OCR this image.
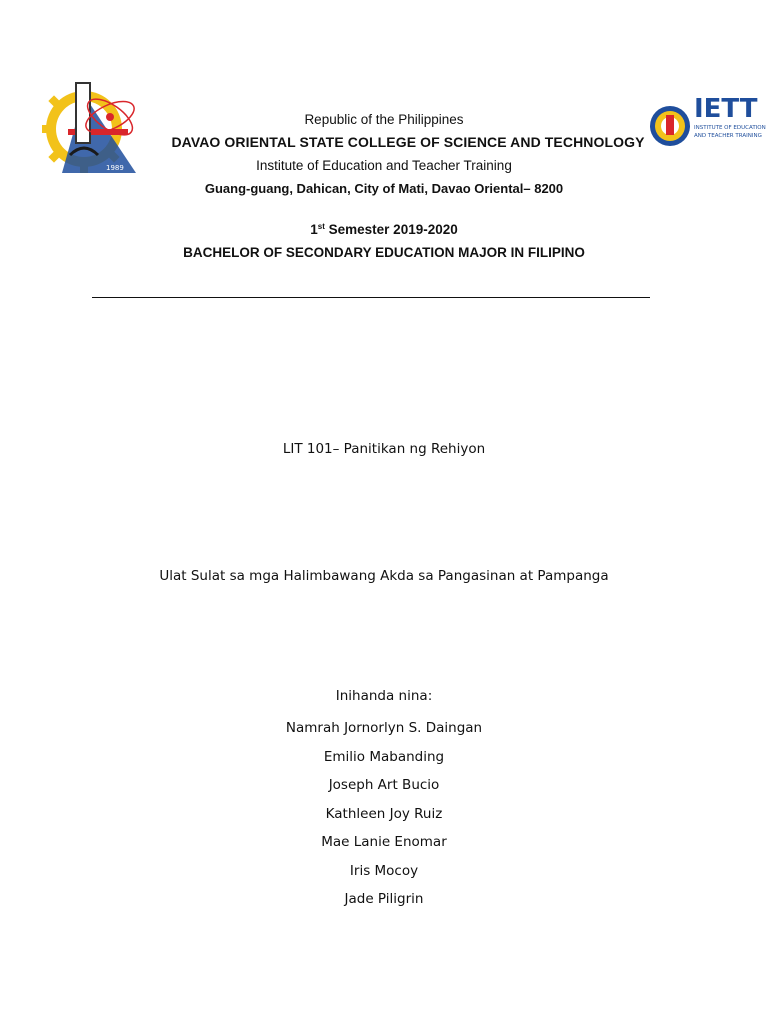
1989
IETT
INSTITUTE OF EDUCATION
AND TEACHER TRAINING
Republic of the Philippines
DAVAO ORIENTAL STATE COLLEGE OF SCIENCE AND TECHNOLOGY
Institute of Education and Teacher Training
Guang-guang, Dahican, City of Mati, Davao Oriental– 8200
1st Semester 2019-2020
BACHELOR OF SECONDARY EDUCATION MAJOR IN FILIPINO
LIT 101– Panitikan ng Rehiyon
Ulat Sulat sa mga Halimbawang Akda sa Pangasinan at Pampanga
Inihanda nina:
Namrah Jornorlyn S. Daingan
Emilio Mabanding
Joseph Art Bucio
Kathleen Joy Ruiz
Mae Lanie Enomar
Iris Mocoy
Jade Piligrin
